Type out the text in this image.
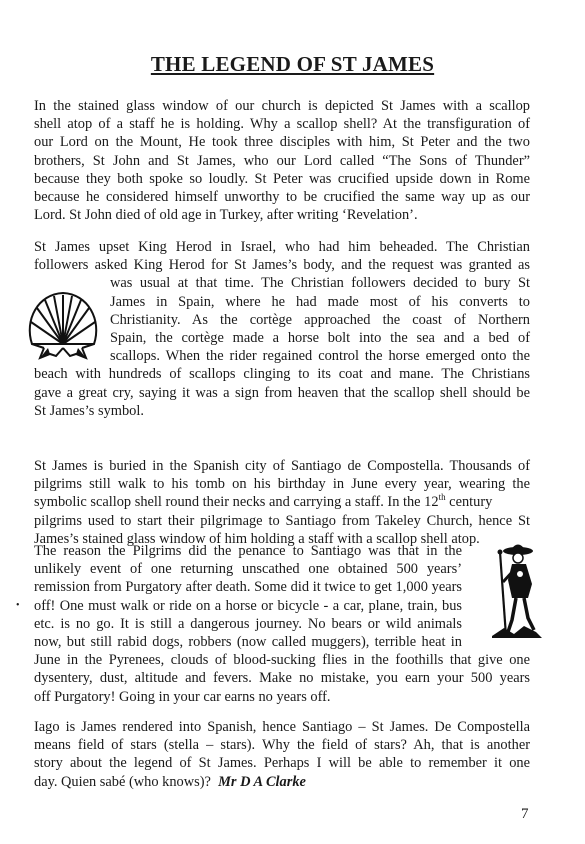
THE LEGEND OF ST JAMES
In the stained glass window of our church is depicted St James with a scallop
shell atop of a staff he is holding. Why a scallop shell? At the transfiguration of
our Lord on the Mount, He took three disciples with him, St Peter and the two
brothers, St John and St James, who our Lord called “The Sons of Thunder”
because they both spoke so loudly. St Peter was crucified upside down in Rome
because he considered himself unworthy to be crucified the same way up as our
Lord. St John died of old age in Turkey, after writing ‘Revelation’.
St James upset King Herod in Israel, who had him beheaded. The Christian
followers asked King Herod for St James’s body, and the request was granted as
was usual at that time. The Christian followers decided to bury St
James in Spain, where he had made most of his converts to
Christianity. As the cortège approached the coast of Northern
Spain, the cortège made a horse bolt into the sea and a bed of
scallops. When the rider regained control the horse emerged onto the
beach with hundreds of scallops clinging to its coat and mane. The Christians
gave a great cry, saying it was a sign from heaven that the scallop shell should be
St James’s symbol.
St James is buried in the Spanish city of Santiago de Compostella. Thousands of
pilgrims still walk to his tomb on his birthday in June every year, wearing the
symbolic scallop shell round their necks and carrying a staff. In the 12th century
pilgrims used to start their pilgrimage to Santiago from Takeley Church, hence St
James’s stained glass window of him holding a staff with a scallop shell atop.
The reason the Pilgrims did the penance to Santiago was that in the
unlikely event of one returning unscathed one obtained 500 years’
remission from Purgatory after death. Some did it twice to get 1,000 years
off! One must walk or ride on a horse or bicycle - a car, plane, train, bus
etc. is no go. It is still a dangerous journey. No bears or wild animals
now, but still rabid dogs, robbers (now called muggers), terrible heat in
June in the Pyrenees, clouds of blood-sucking flies in the foothills that give one
dysentery, dust, altitude and fevers. Make no mistake, you earn your 500 years
off Purgatory! Going in your car earns no years off.
•
Iago is James rendered into Spanish, hence Santiago – St James. De Compostella
means field of stars (stella – stars). Why the field of stars? Ah, that is another
story about the legend of St James. Perhaps I will be able to remember it one
day. Quien sabé (who knows)? Mr D A Clarke
7
